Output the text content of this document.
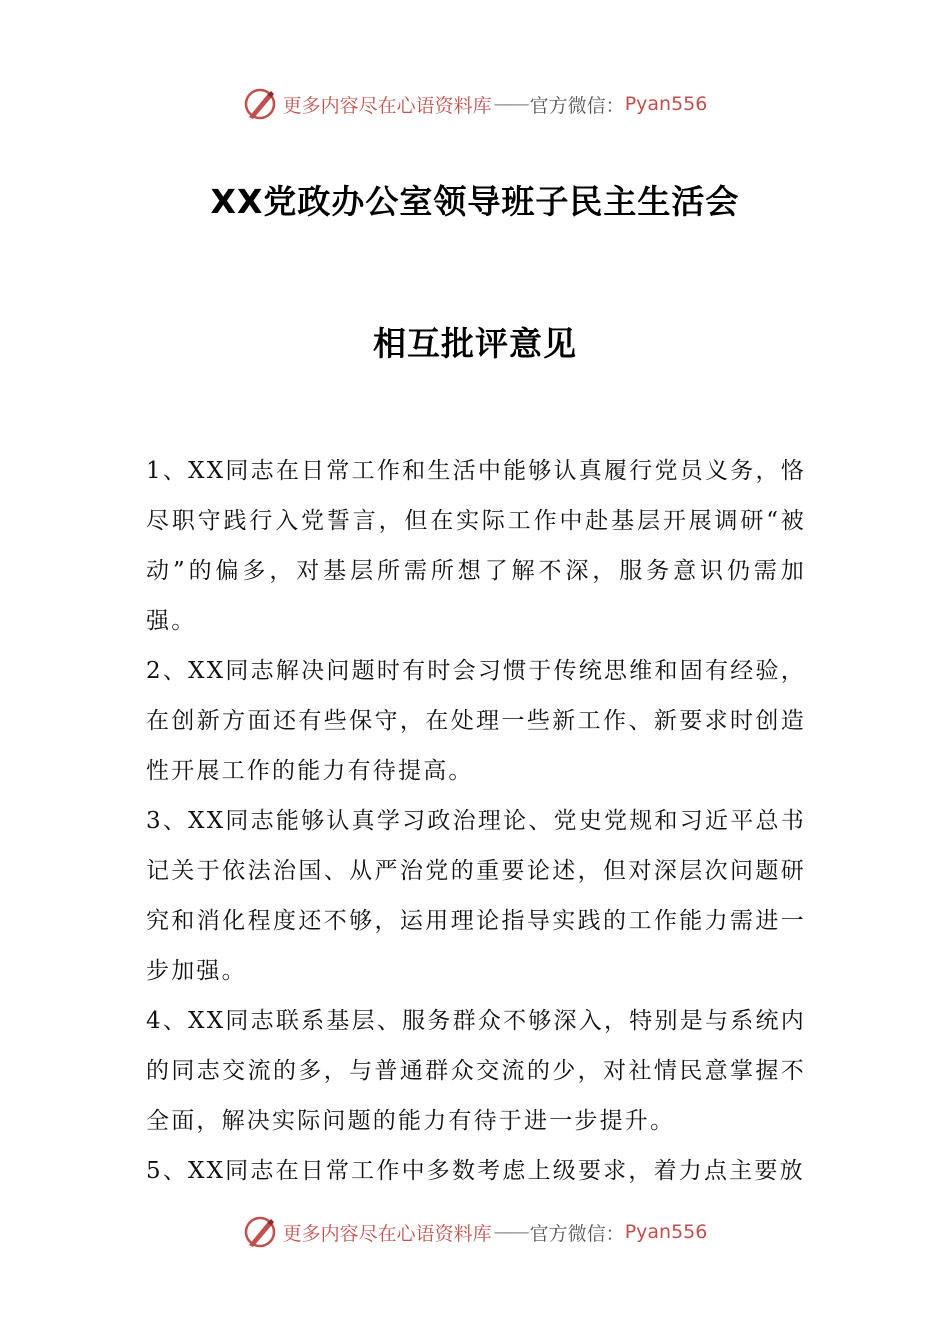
更多内容尽在心语资料库 —— 官方微信： Pyan556
XX党政办公室领导班子民主生活会
相互批评意见

1、XX同志在日常工作和生活中能够认真履行党员义务，恪尽职守践行入党誓言，但在实际工作中赴基层开展调研“被动”的偏多，对基层所需所想了解不深，服务意识仍需加强。

2、XX同志解决问题时有时会习惯于传统思维和固有经验，在创新方面还有些保守，在处理一些新工作、新要求时创造性开展工作的能力有待提高。

3、XX同志能够认真学习政治理论、党史党规和习近平总书记关于依法治国、从严治党的重要论述，但对深层次问题研究和消化程度还不够，运用理论指导实践的工作能力需进一步加强。

4、XX同志联系基层、服务群众不够深入，特别是与系统内的同志交流的多，与普通群众交流的少，对社情民意掌握不全面，解决实际问题的能力有待于进一步提升。

5、XX同志在日常工作中多数考虑上级要求，着力点主要放

更多内容尽在心语资料库 —— 官方微信： Pyan556
